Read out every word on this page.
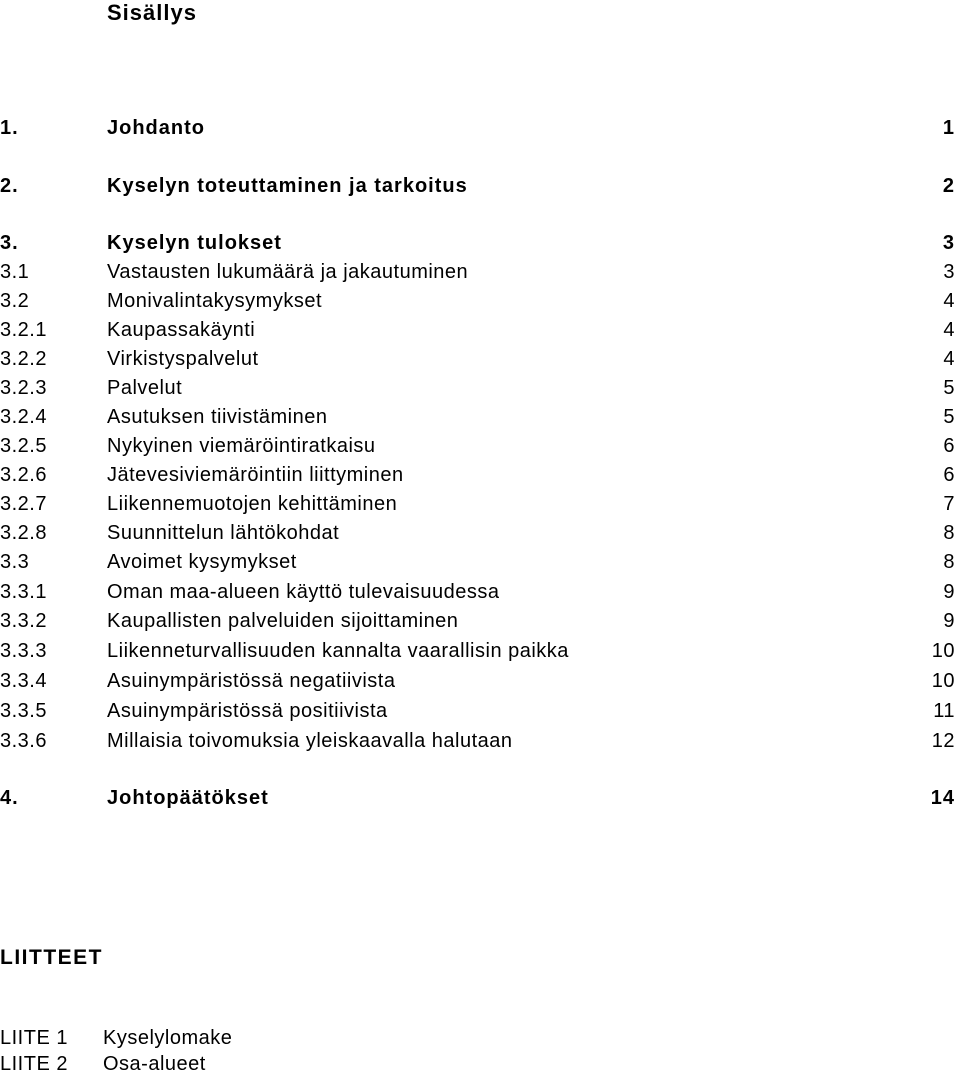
Sisällys
1.	Johdanto	1
2.	Kyselyn toteuttaminen ja tarkoitus	2
3.	Kyselyn tulokset	3
3.1	Vastausten lukumäärä ja jakautuminen	3
3.2	Monivalintakysymykset	4
3.2.1	Kaupassakäynti	4
3.2.2	Virkistyspalvelut	4
3.2.3	Palvelut	5
3.2.4	Asutuksen tiivistäminen	5
3.2.5	Nykyinen viemäröintiratkaisu	6
3.2.6	Jätevesiviemäröintiin liittyminen	6
3.2.7	Liikennemuotojen kehittäminen	7
3.2.8	Suunnittelun lähtökohdat	8
3.3	Avoimet kysymykset	8
3.3.1	Oman maa-alueen käyttö tulevaisuudessa	9
3.3.2	Kaupallisten palveluiden sijoittaminen	9
3.3.3	Liikenneturvallisuuden kannalta vaarallisin paikka	10
3.3.4	Asuinympäristössä negatiivista	10
3.3.5	Asuinympäristössä positiivista	11
3.3.6	Millaisia toivomuksia yleiskaavalla halutaan	12
4.	Johtopäätökset	14
LIITTEET
LIITE 1 Kyselylomake
LIITE 2 Osa-alueet
